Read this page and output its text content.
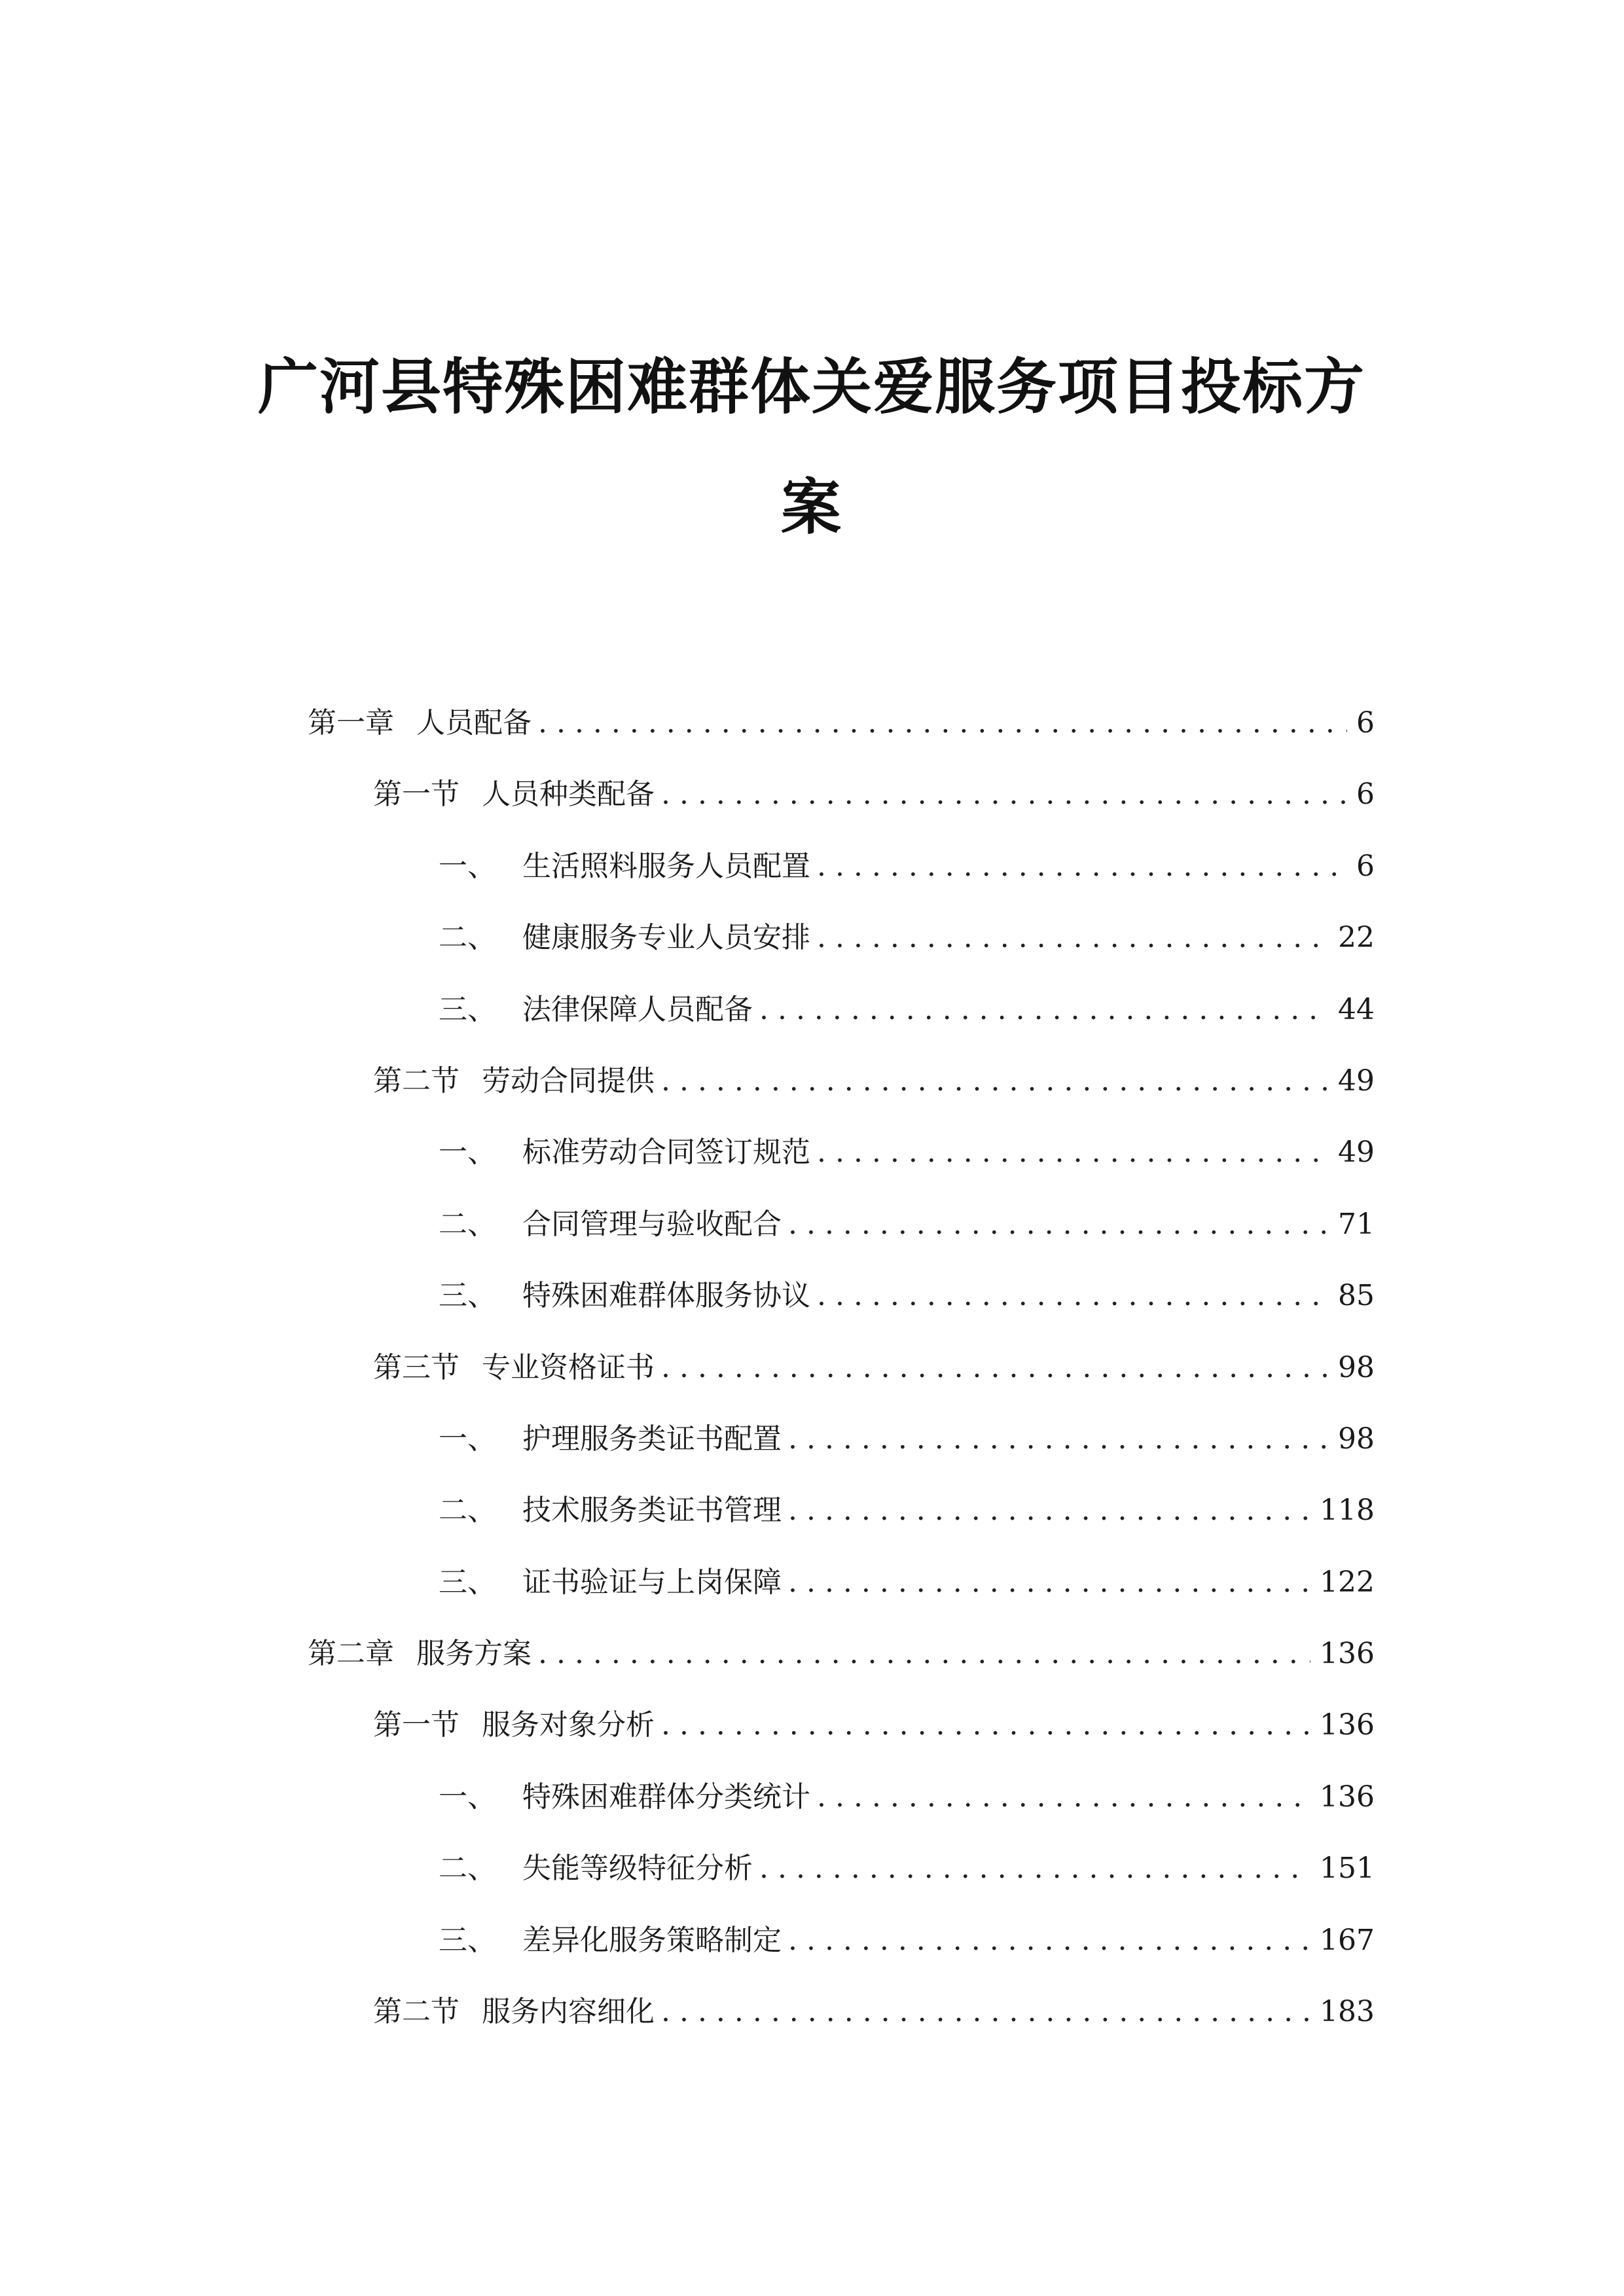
广河县特殊困难群体关爱服务项目投标方
案
第一章 人员配备 . . .	6
第一节 人员种类配备 . . .	6
一、 生活照料服务人员配置 . . .	6
二、 健康服务专业人员安排 . . .	22
三、 法律保障人员配备 . . .	44
第二节 劳动合同提供 . . .	49
一、 标准劳动合同签订规范 . . .	49
二、 合同管理与验收配合 . . .	71
三、 特殊困难群体服务协议 . . .	85
第三节 专业资格证书 . . .	98
一、 护理服务类证书配置 . . .	98
二、 技术服务类证书管理 . . .	118
三、 证书验证与上岗保障 . . .	122
第二章 服务方案 . . .	136
第一节 服务对象分析 . . .	136
一、 特殊困难群体分类统计 . . .	136
二、 失能等级特征分析 . . .	151
三、 差异化服务策略制定 . . .	167
第二节 服务内容细化 . . .	183
